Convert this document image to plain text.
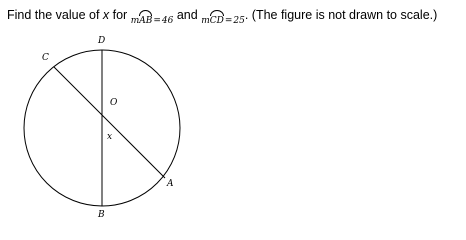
Find the value of x for mAB=46 and mCD=25. (The figure is not drawn to scale.)
D
C
O
x
A
B
